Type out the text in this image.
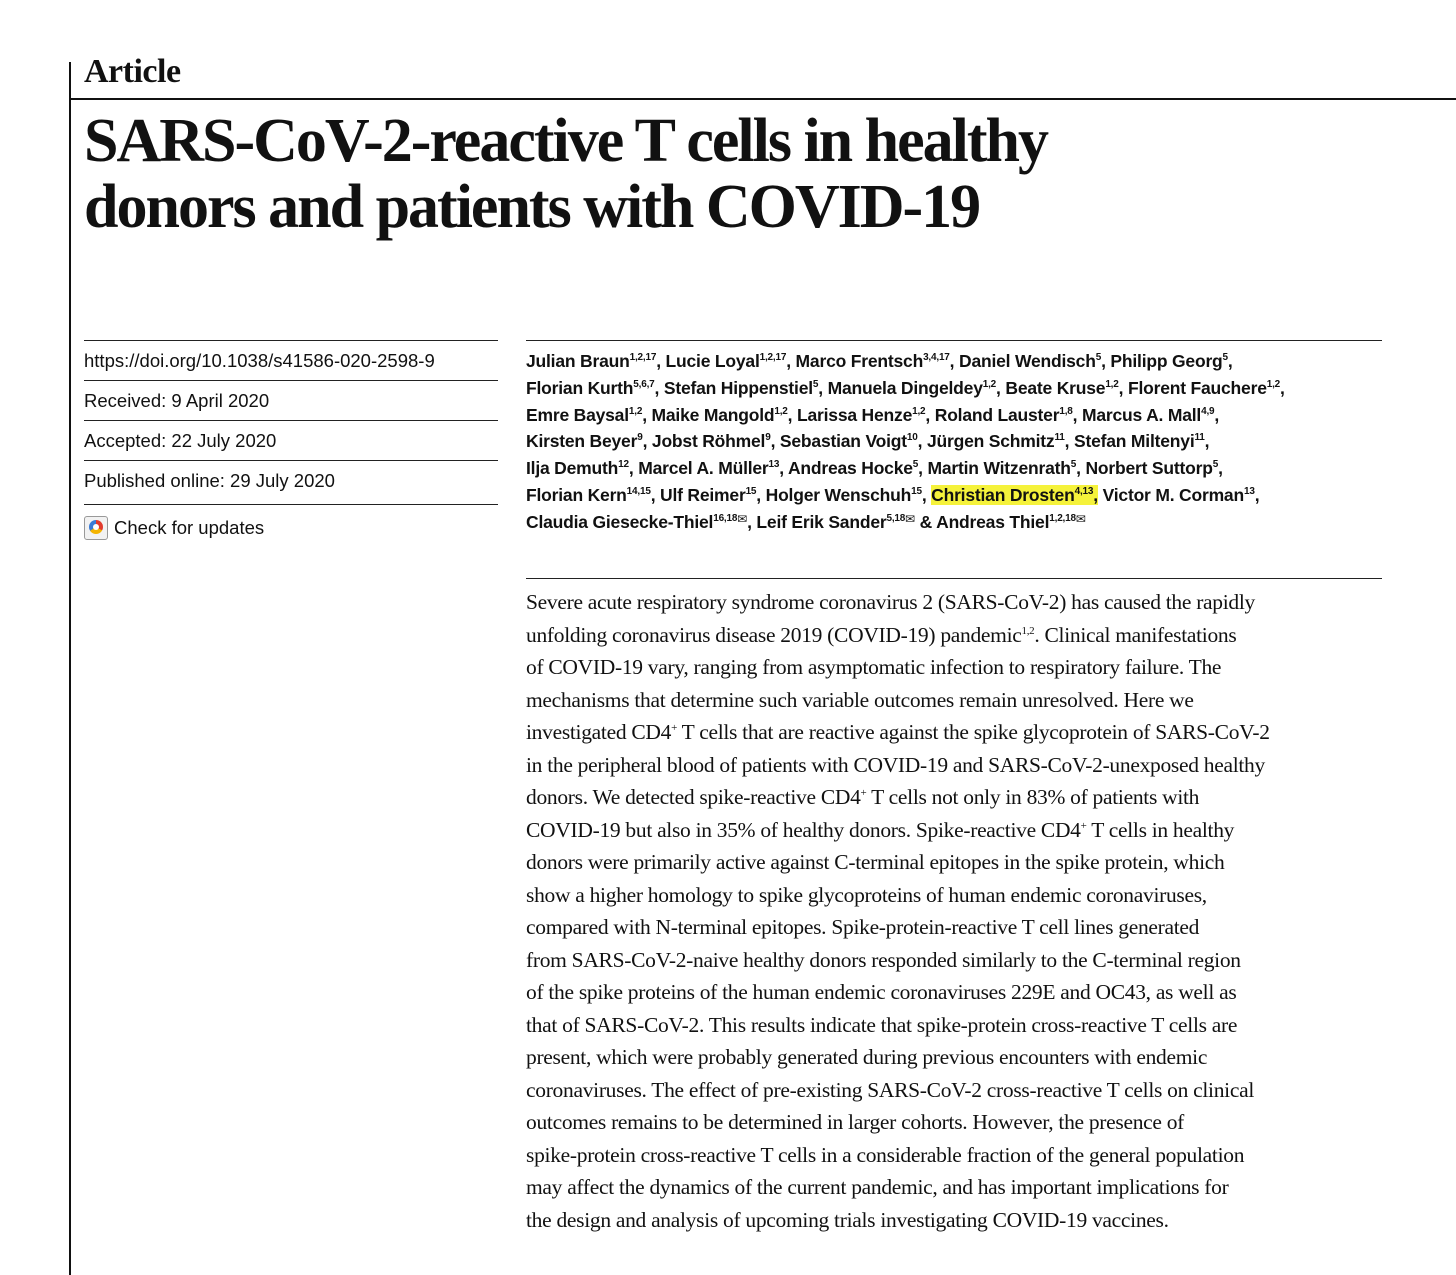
Article
SARS-CoV-2-reactive T cells in healthy
donors and patients with COVID-19
https://doi.org/10.1038/s41586-020-2598-9
Received: 9 April 2020
Accepted: 22 July 2020
Published online: 29 July 2020
Check for updates
Julian Braun$^{1,2,17}$, Lucie Loyal$^{1,2,17}$, Marco Frentsch$^{3,4,17}$, Daniel Wendisch$^5$, Philipp Georg$^5$,
Florian Kurth$^{5,6,7}$, Stefan Hippenstiel$^5$, Manuela Dingeldey$^{1,2}$, Beate Kruse$^{1,2}$, Florent Fauchere$^{1,2}$,
Emre Baysal$^{1,2}$, Maike Mangold$^{1,2}$, Larissa Henze$^{1,2}$, Roland Lauster$^{1,8}$, Marcus A. Mall$^{4,9}$,
Kirsten Beyer$^9$, Jobst Röhmel$^9$, Sebastian Voigt$^{10}$, Jürgen Schmitz$^{11}$, Stefan Miltenyi$^{11}$,
Ilja Demuth$^{12}$, Marcel A. Müller$^{13}$, Andreas Hocke$^5$, Martin Witzenrath$^5$, Norbert Suttorp$^5$,
Florian Kern$^{14,15}$, Ulf Reimer$^{15}$, Holger Wenschuh$^{15}$, Christian Drosten$^{4,13}$, Victor M. Corman$^{13}$,
Claudia Giesecke-Thiel$^{16,18}$✉, Leif Erik Sander$^{5,18}$✉ & Andreas Thiel$^{1,2,18}$✉

Severe acute respiratory syndrome coronavirus 2 (SARS-CoV-2) has caused the rapidly
unfolding coronavirus disease 2019 (COVID-19) pandemic$^{1,2}$. Clinical manifestations
of COVID-19 vary, ranging from asymptomatic infection to respiratory failure. The
mechanisms that determine such variable outcomes remain unresolved. Here we
investigated CD4+ T cells that are reactive against the spike glycoprotein of SARS-CoV-2
in the peripheral blood of patients with COVID-19 and SARS-CoV-2-unexposed healthy
donors. We detected spike-reactive CD4+ T cells not only in 83% of patients with
COVID-19 but also in 35% of healthy donors. Spike-reactive CD4+ T cells in healthy
donors were primarily active against C-terminal epitopes in the spike protein, which
show a higher homology to spike glycoproteins of human endemic coronaviruses,
compared with N-terminal epitopes. Spike-protein-reactive T cell lines generated
from SARS-CoV-2-naive healthy donors responded similarly to the C-terminal region
of the spike proteins of the human endemic coronaviruses 229E and OC43, as well as
that of SARS-CoV-2. This results indicate that spike-protein cross-reactive T cells are
present, which were probably generated during previous encounters with endemic
coronaviruses. The effect of pre-existing SARS-CoV-2 cross-reactive T cells on clinical
outcomes remains to be determined in larger cohorts. However, the presence of
spike-protein cross-reactive T cells in a considerable fraction of the general population
may affect the dynamics of the current pandemic, and has important implications for
the design and analysis of upcoming trials investigating COVID-19 vaccines.
